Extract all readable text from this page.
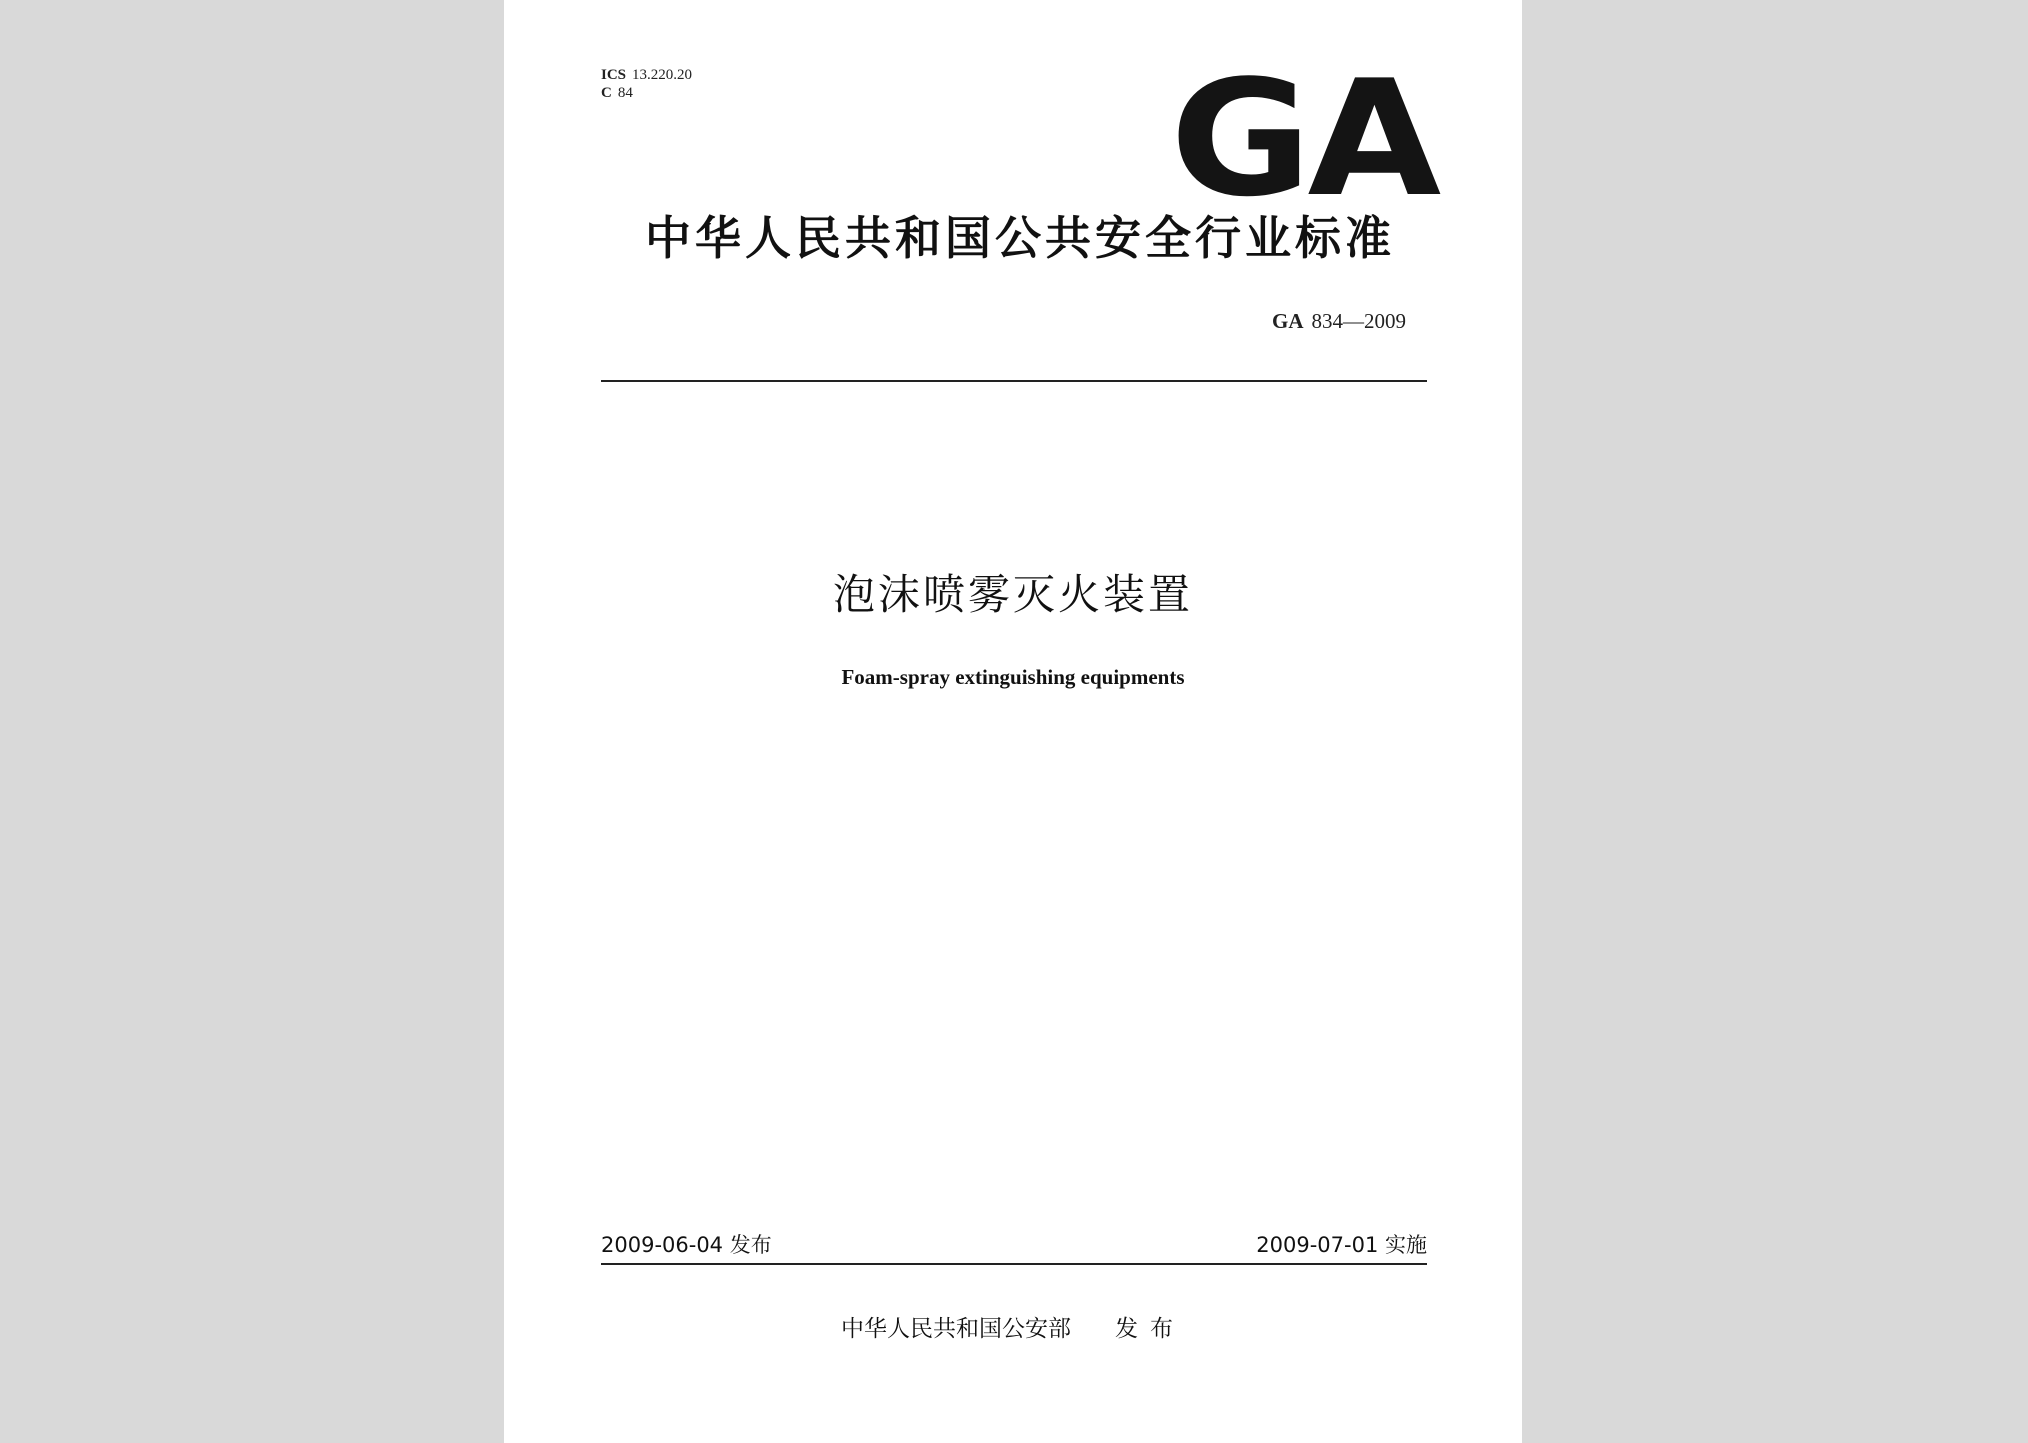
ICS 13.220.20
C 84	GA
中华人民共和国公共安全行业标准
GA 834—2009
泡沫喷雾灭火装置
Foam-spray extinguishing equipments
2009-06-04 发布	2009-07-01 实施
中华人民共和国公安部 发布
